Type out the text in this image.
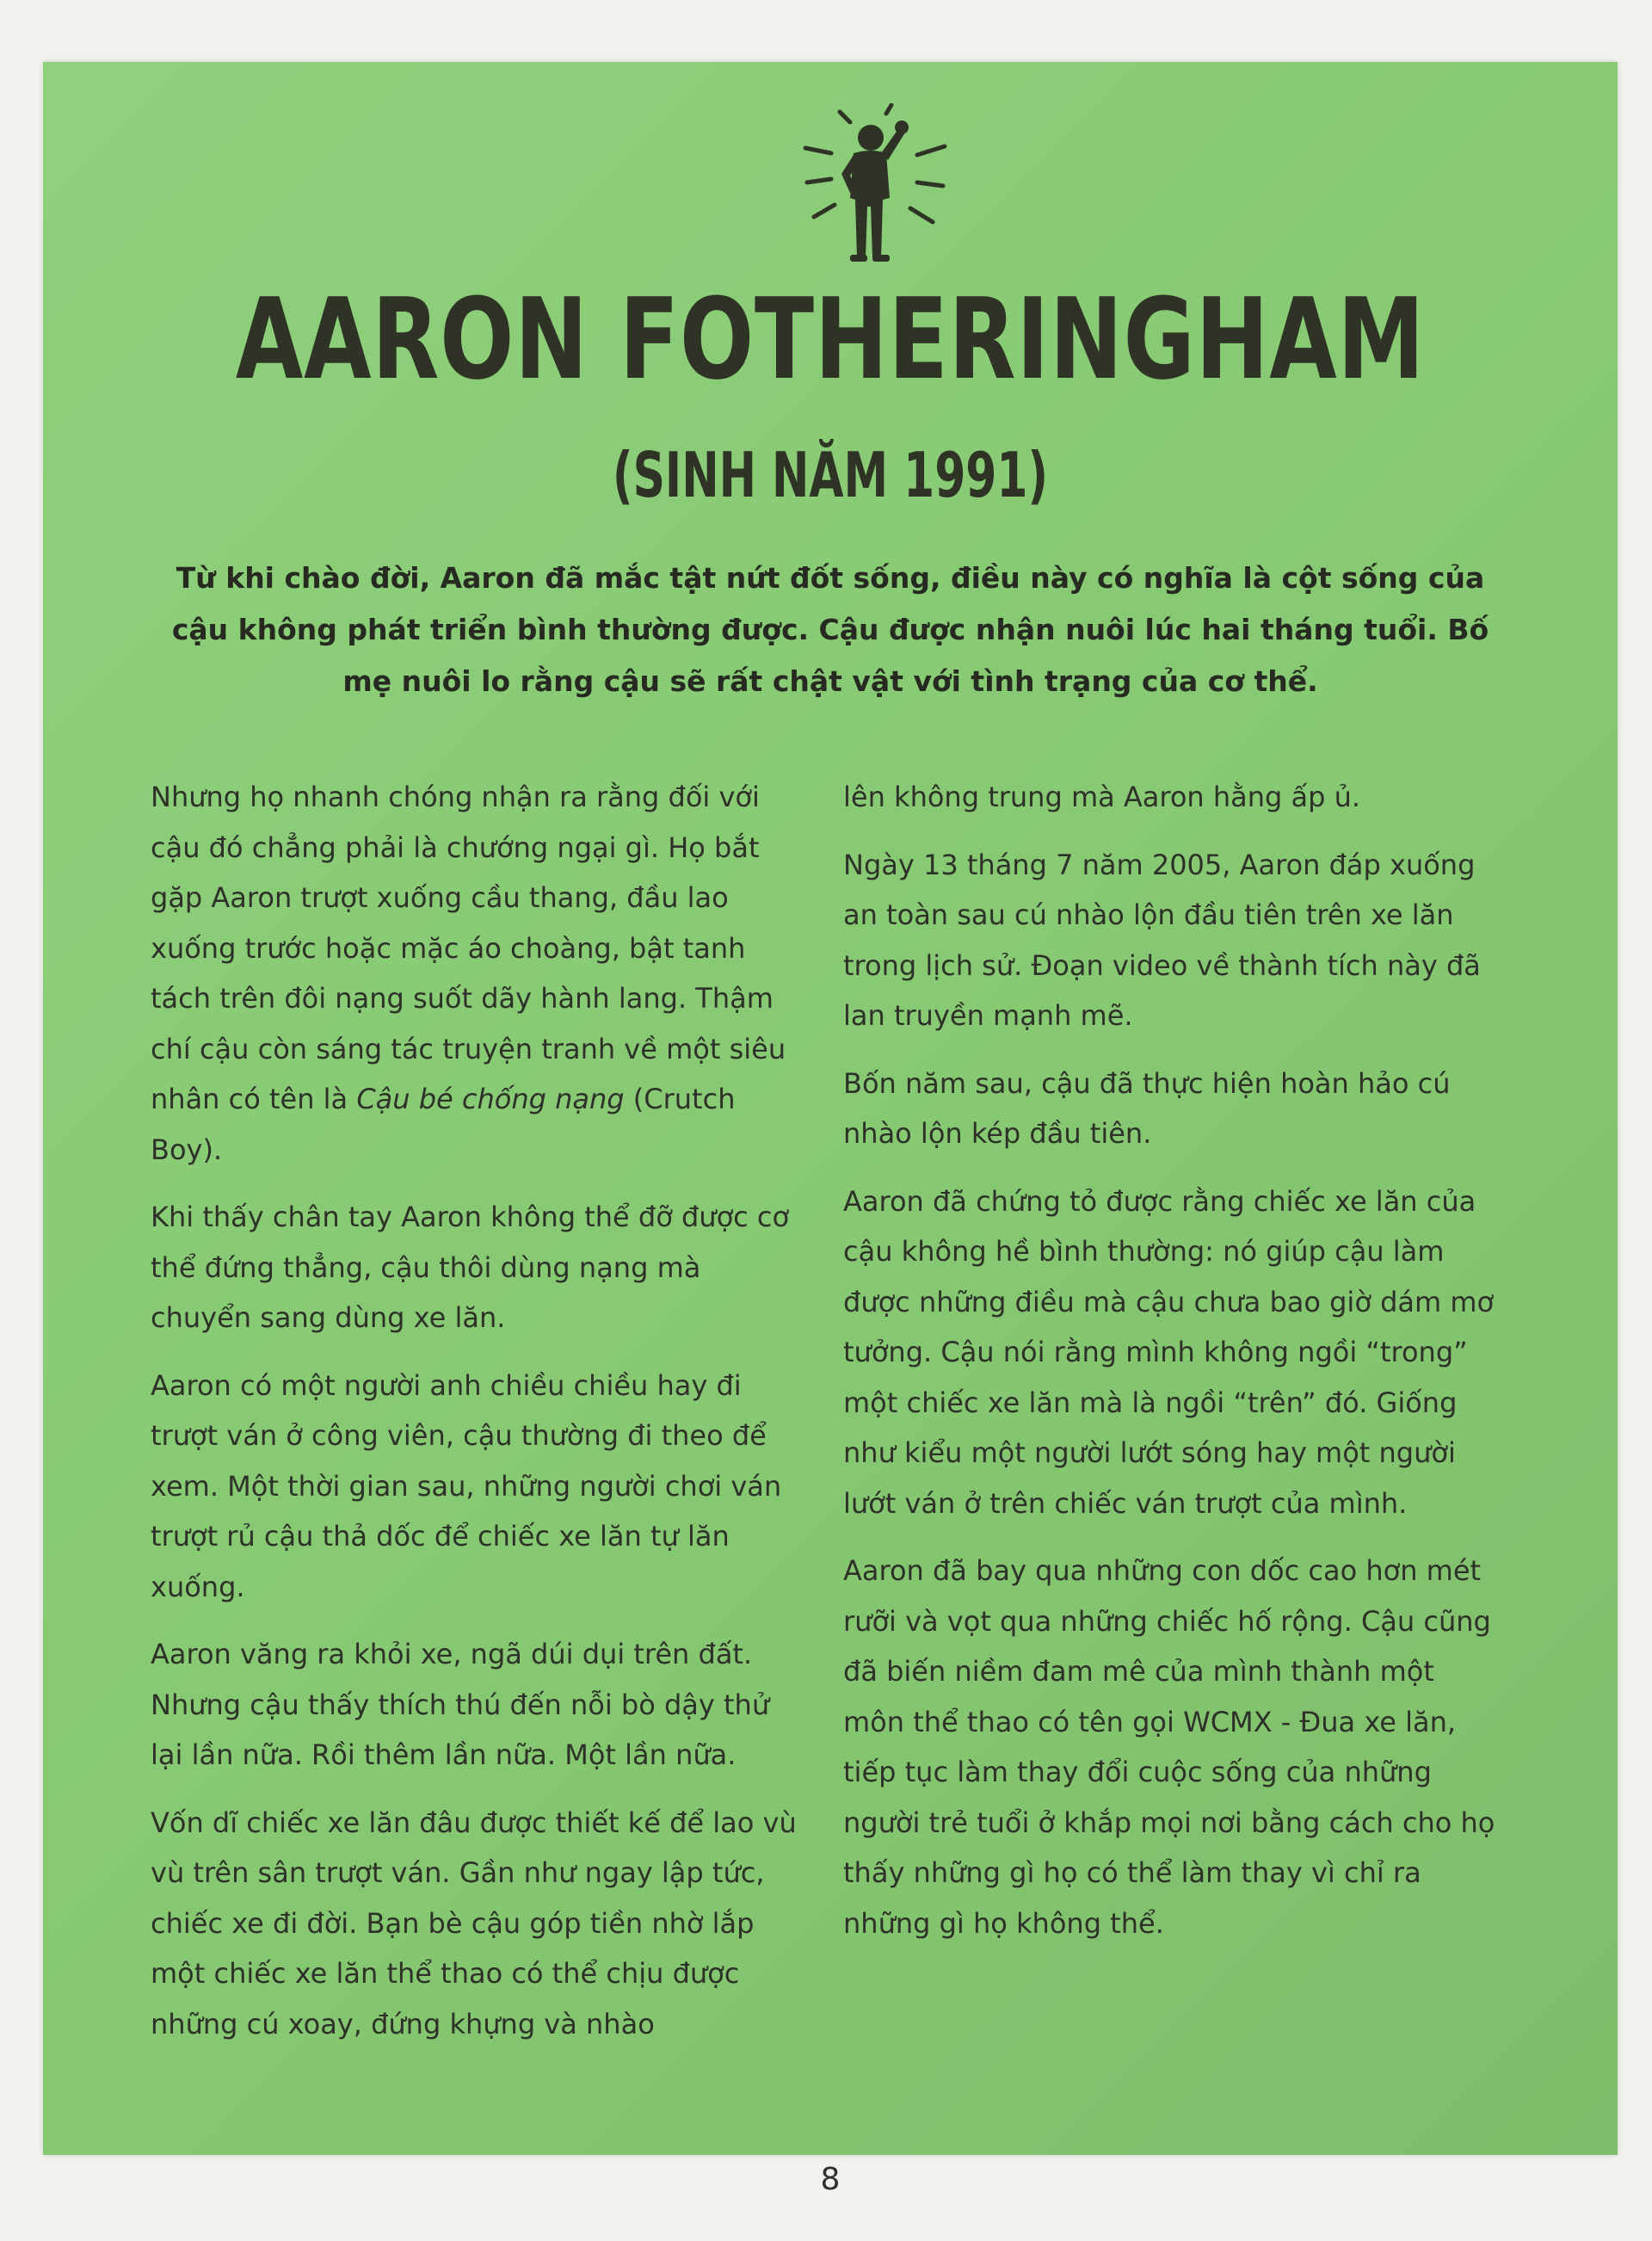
AARON FOTHERINGHAM
(SINH NĂM 1991)
Từ khi chào đời, Aaron đã mắc tật nứt đốt sống, điều này có nghĩa là cột sống của cậu không phát triển bình thường được. Cậu được nhận nuôi lúc hai tháng tuổi. Bố mẹ nuôi lo rằng cậu sẽ rất chật vật với tình trạng của cơ thể.

Nhưng họ nhanh chóng nhận ra rằng đối với cậu đó chẳng phải là chướng ngại gì. Họ bắt gặp Aaron trượt xuống cầu thang, đầu lao xuống trước hoặc mặc áo choàng, bật tanh tách trên đôi nạng suốt dãy hành lang. Thậm chí cậu còn sáng tác truyện tranh về một siêu nhân có tên là Cậu bé chống nạng (Crutch Boy).

Khi thấy chân tay Aaron không thể đỡ được cơ thể đứng thẳng, cậu thôi dùng nạng mà chuyển sang dùng xe lăn.

Aaron có một người anh chiều chiều hay đi trượt ván ở công viên, cậu thường đi theo để xem. Một thời gian sau, những người chơi ván trượt rủ cậu thả dốc để chiếc xe lăn tự lăn xuống.

Aaron văng ra khỏi xe, ngã dúi dụi trên đất. Nhưng cậu thấy thích thú đến nỗi bò dậy thử lại lần nữa. Rồi thêm lần nữa. Một lần nữa.

Vốn dĩ chiếc xe lăn đâu được thiết kế để lao vù vù trên sân trượt ván. Gần như ngay lập tức, chiếc xe đi đời. Bạn bè cậu góp tiền nhờ lắp một chiếc xe lăn thể thao có thể chịu được những cú xoay, đứng khựng và nhào

lên không trung mà Aaron hằng ấp ủ.

Ngày 13 tháng 7 năm 2005, Aaron đáp xuống an toàn sau cú nhào lộn đầu tiên trên xe lăn trong lịch sử. Đoạn video về thành tích này đã lan truyền mạnh mẽ.

Bốn năm sau, cậu đã thực hiện hoàn hảo cú nhào lộn kép đầu tiên.

Aaron đã chứng tỏ được rằng chiếc xe lăn của cậu không hề bình thường: nó giúp cậu làm được những điều mà cậu chưa bao giờ dám mơ tưởng. Cậu nói rằng mình không ngồi “trong” một chiếc xe lăn mà là ngồi “trên” đó. Giống như kiểu một người lướt sóng hay một người lướt ván ở trên chiếc ván trượt của mình.

Aaron đã bay qua những con dốc cao hơn mét rưỡi và vọt qua những chiếc hố rộng. Cậu cũng đã biến niềm đam mê của mình thành một môn thể thao có tên gọi WCMX - Đua xe lăn, tiếp tục làm thay đổi cuộc sống của những người trẻ tuổi ở khắp mọi nơi bằng cách cho họ thấy những gì họ có thể làm thay vì chỉ ra những gì họ không thể.

8
